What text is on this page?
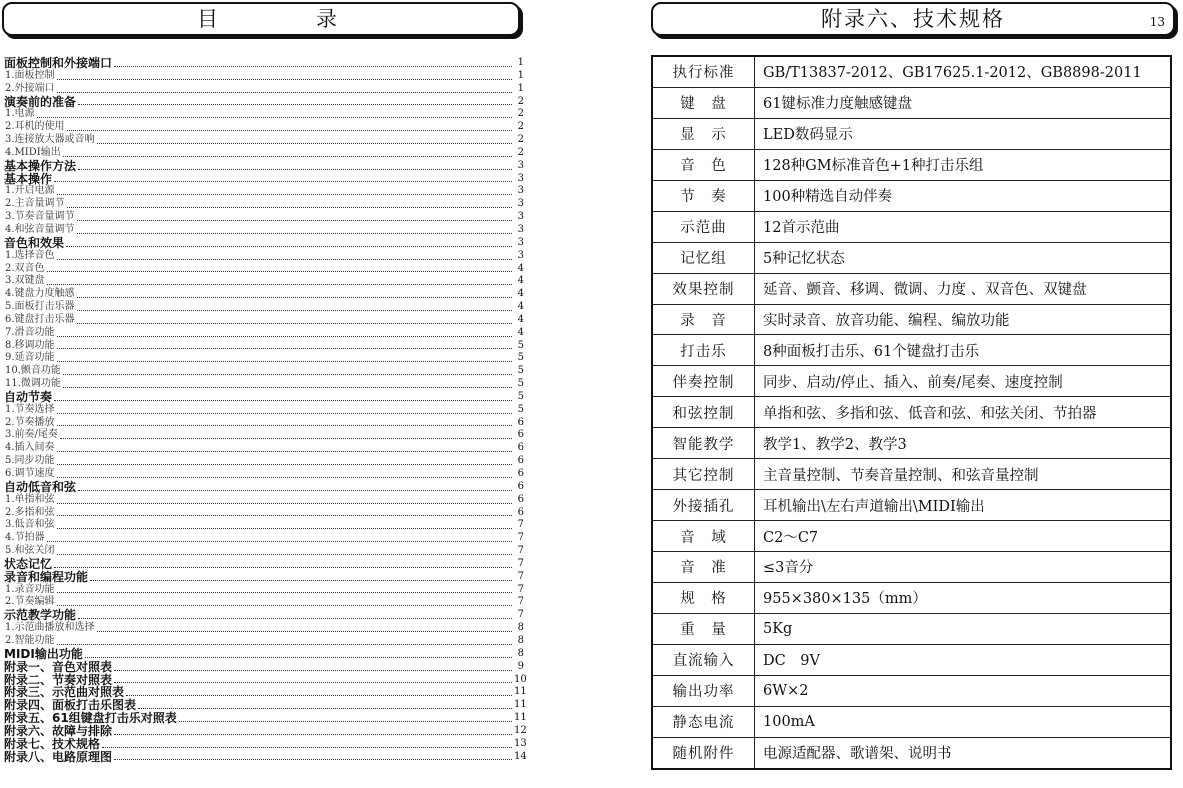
目	录
面板控制和外接端口	1
1.面板控制	1
2.外接端口	1
演奏前的准备	2
1.电源	2
2.耳机的使用	2
3.连接放大器或音响	2
4.MIDI输出	2
基本操作方法	3
基本操作	3
1.开启电源	3
2.主音量调节	3
3.节奏音量调节	3
4.和弦音量调节	3
音色和效果	3
1.选择音色	3
2.双音色	4
3.双键盘	4
4.键盘力度触感	4
5.面板打击乐器	4
6.键盘打击乐器	4
7.滑音功能	4
8.移调功能	5
9.延音功能	5
10.颤音功能	5
11.微调功能	5
自动节奏	5
1.节奏选择	5
2.节奏播放	6
3.前奏/尾奏	6
4.插入间奏	6
5.同步功能	6
6.调节速度	6
自动低音和弦	6
1.单指和弦	6
2.多指和弦	6
3.低音和弦	7
4.节拍器	7
5.和弦关闭	7
状态记忆	7
录音和编程功能	7
1.录音功能	7
2.节奏编辑	7
示范教学功能	7
1.示范曲播放和选择	8
2.智能功能	8
MIDI输出功能	8
附录一、音色对照表	9
附录二、节奏对照表	10
附录三、示范曲对照表	11
附录四、面板打击乐图表	11
附录五、61组键盘打击乐对照表	11
附录六、故障与排除	12
附录七、技术规格	13
附录八、电路原理图	14
附录六、技术规格	13
执行标准	GB/T13837-2012、GB17625.1-2012、GB8898-2011
键　盘	61键标准力度触感键盘
显　示	LED数码显示
音　色	128种GM标准音色+1种打击乐组
节　奏	100种精选自动伴奏
示范曲	12首示范曲
记忆组	5种记忆状态
效果控制	延音、颤音、移调、微调、力度 、双音色、双键盘
录　音	实时录音、放音功能、编程、编放功能
打击乐	8种面板打击乐、61个键盘打击乐
伴奏控制	同步、启动/停止、插入、前奏/尾奏、速度控制
和弦控制	单指和弦、多指和弦、低音和弦、和弦关闭、节拍器
智能教学	教学1、教学2、教学3
其它控制	主音量控制、节奏音量控制、和弦音量控制
外接插孔	耳机输出\左右声道输出\MIDI输出
音　域	C2～C7
音　准	≤3音分
规　格	955×380×135（mm）
重　量	5Kg
直流输入	DC　9V
输出功率	6W×2
静态电流	100mA
随机附件	电源适配器、歌谱架、说明书
